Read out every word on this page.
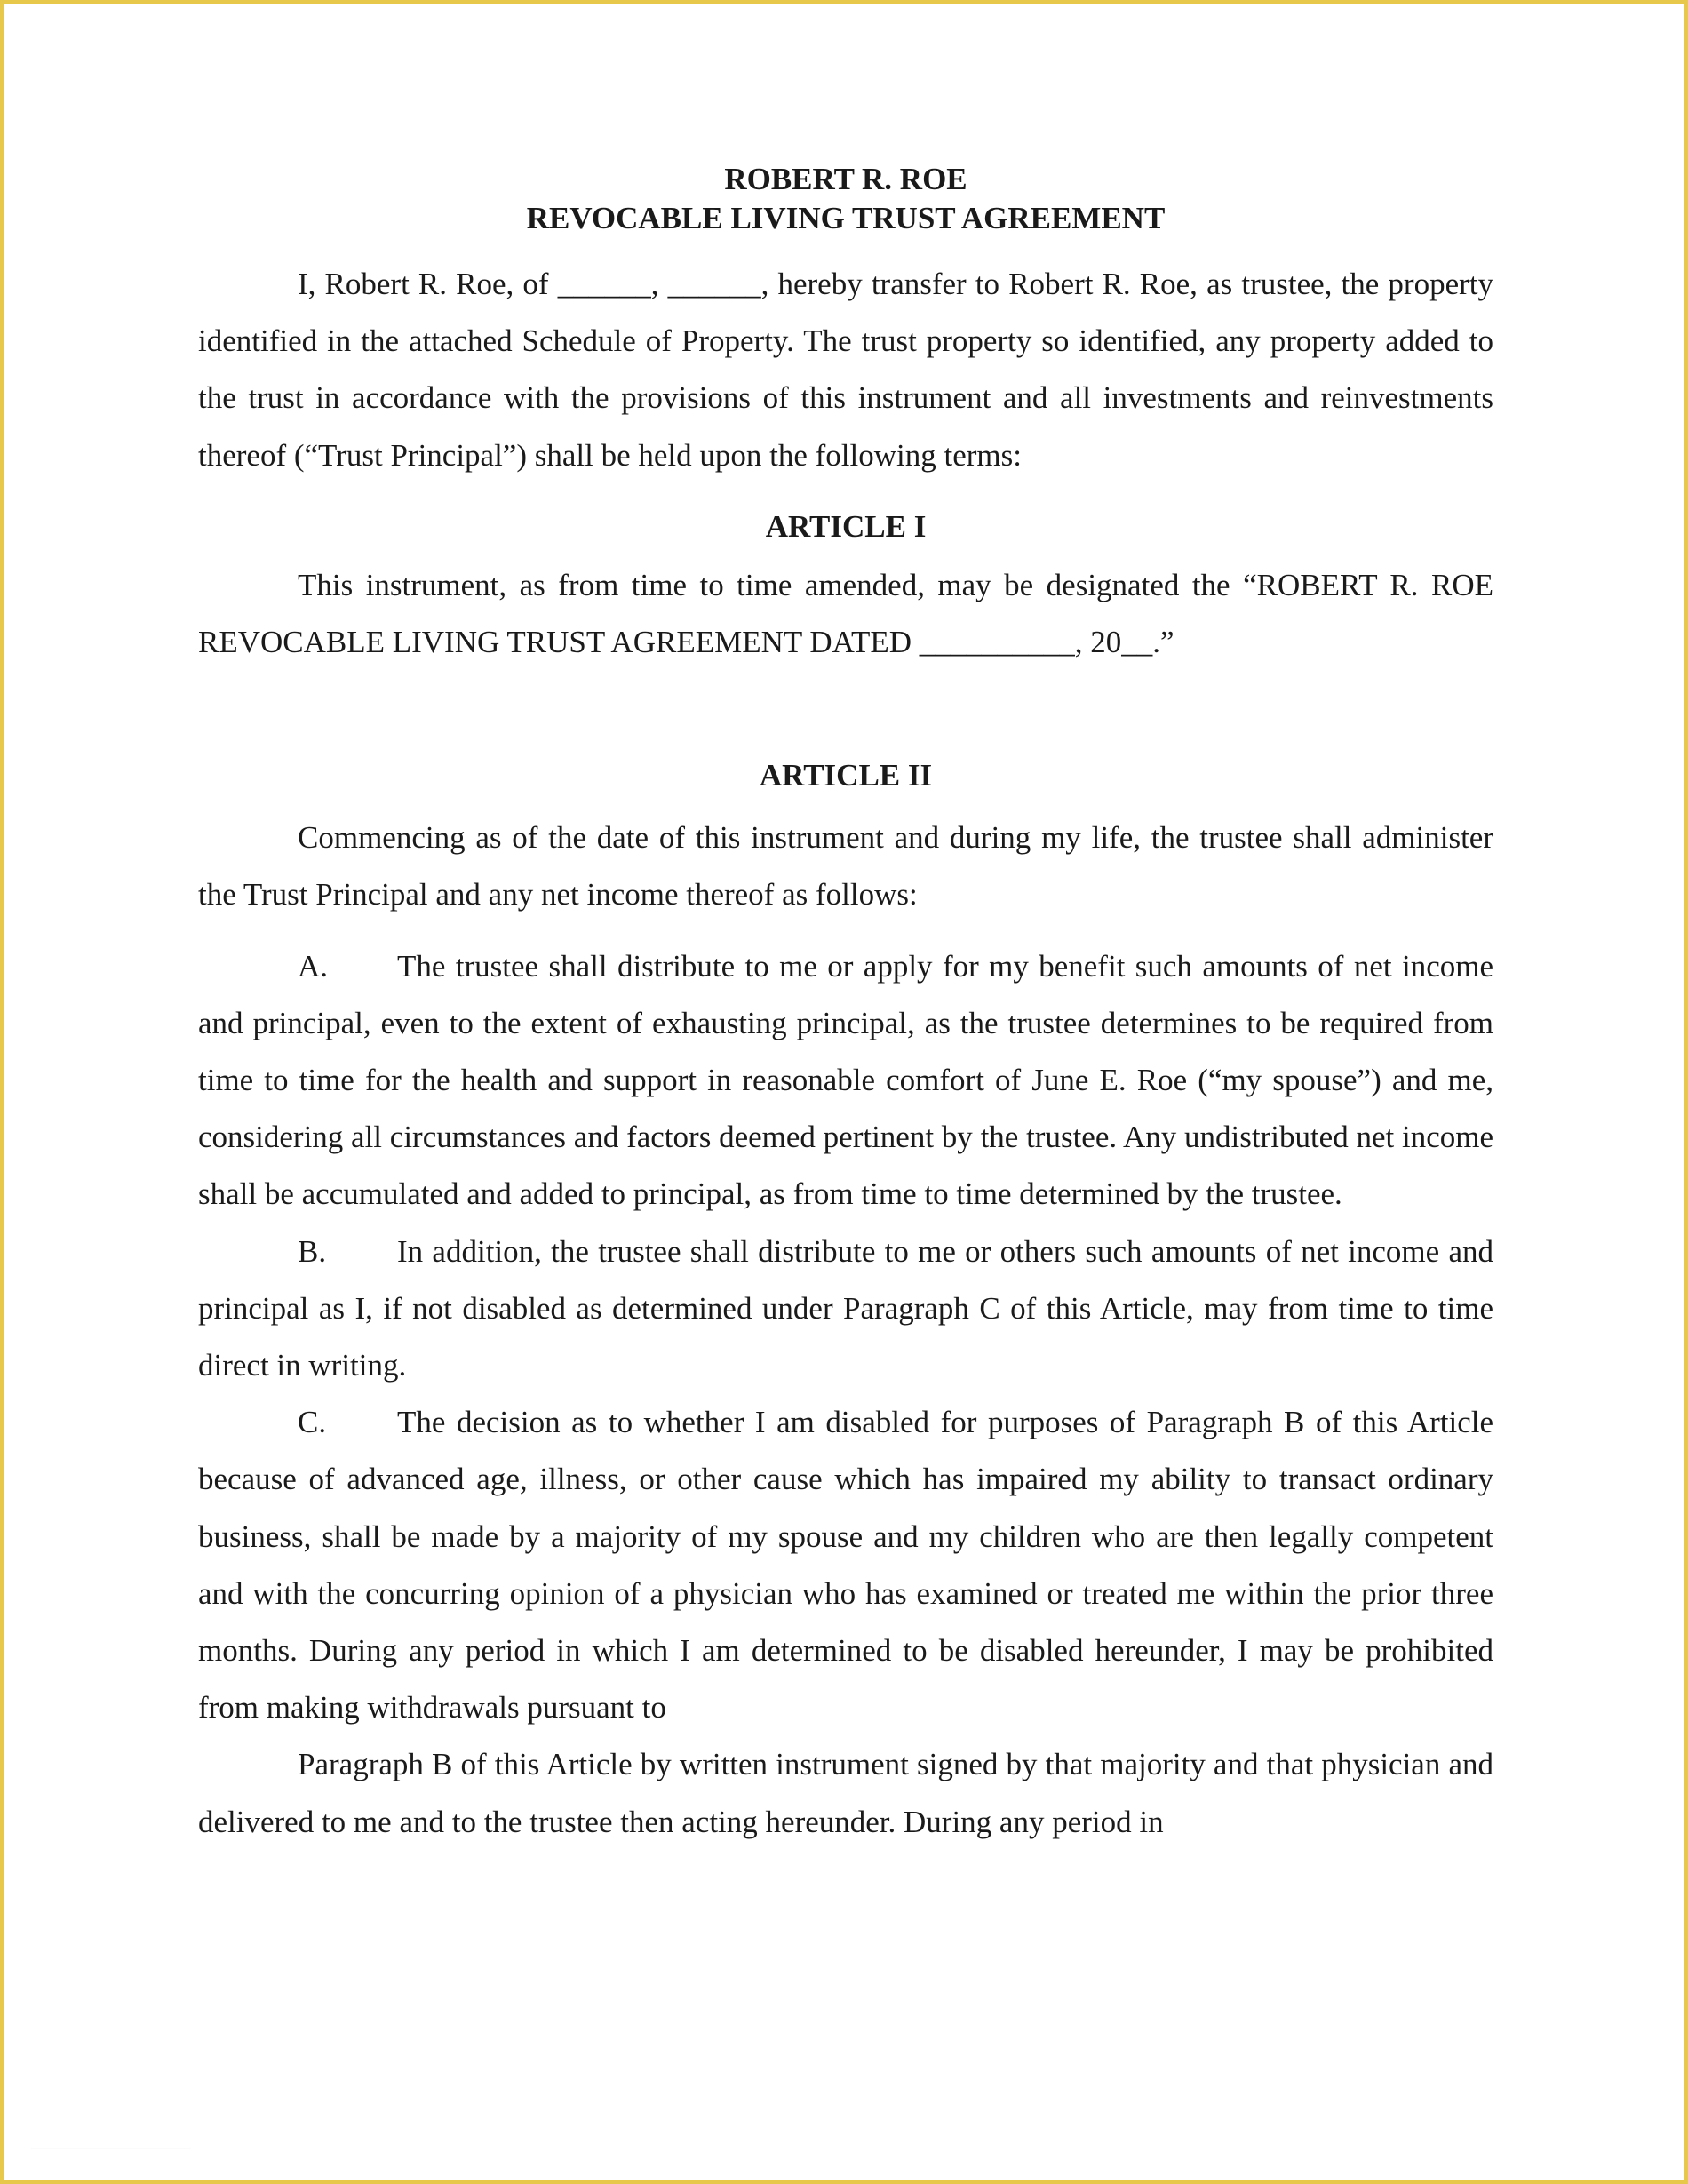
ROBERT R. ROE

REVOCABLE LIVING TRUST AGREEMENT

I, Robert R. Roe, of ______, ______, hereby transfer to Robert R. Roe, as trustee, the property identified in the attached Schedule of Property. The trust property so identified, any property added to the trust in accordance with the provisions of this instrument and all investments and reinvestments thereof (“Trust Principal”) shall be held upon the following terms:

ARTICLE I

This instrument, as from time to time amended, may be designated the “ROBERT R. ROE REVOCABLE LIVING TRUST AGREEMENT DATED __________, 20__.”

ARTICLE II

Commencing as of the date of this instrument and during my life, the trustee shall administer the Trust Principal and any net income thereof as follows:

A. The trustee shall distribute to me or apply for my benefit such amounts of net income and principal, even to the extent of exhausting principal, as the trustee determines to be required from time to time for the health and support in reasonable comfort of June E. Roe (“my spouse”) and me, considering all circumstances and factors deemed pertinent by the trustee. Any undistributed net income shall be accumulated and added to principal, as from time to time determined by the trustee.

B. In addition, the trustee shall distribute to me or others such amounts of net income and principal as I, if not disabled as determined under Paragraph C of this Article, may from time to time direct in writing.

C. The decision as to whether I am disabled for purposes of Paragraph B of this Article because of advanced age, illness, or other cause which has impaired my ability to transact ordinary business, shall be made by a majority of my spouse and my children who are then legally competent and with the concurring opinion of a physician who has examined or treated me within the prior three months. During any period in which I am determined to be disabled hereunder, I may be prohibited from making withdrawals pursuant to

Paragraph B of this Article by written instrument signed by that majority and that physician and delivered to me and to the trustee then acting hereunder. During any period in
